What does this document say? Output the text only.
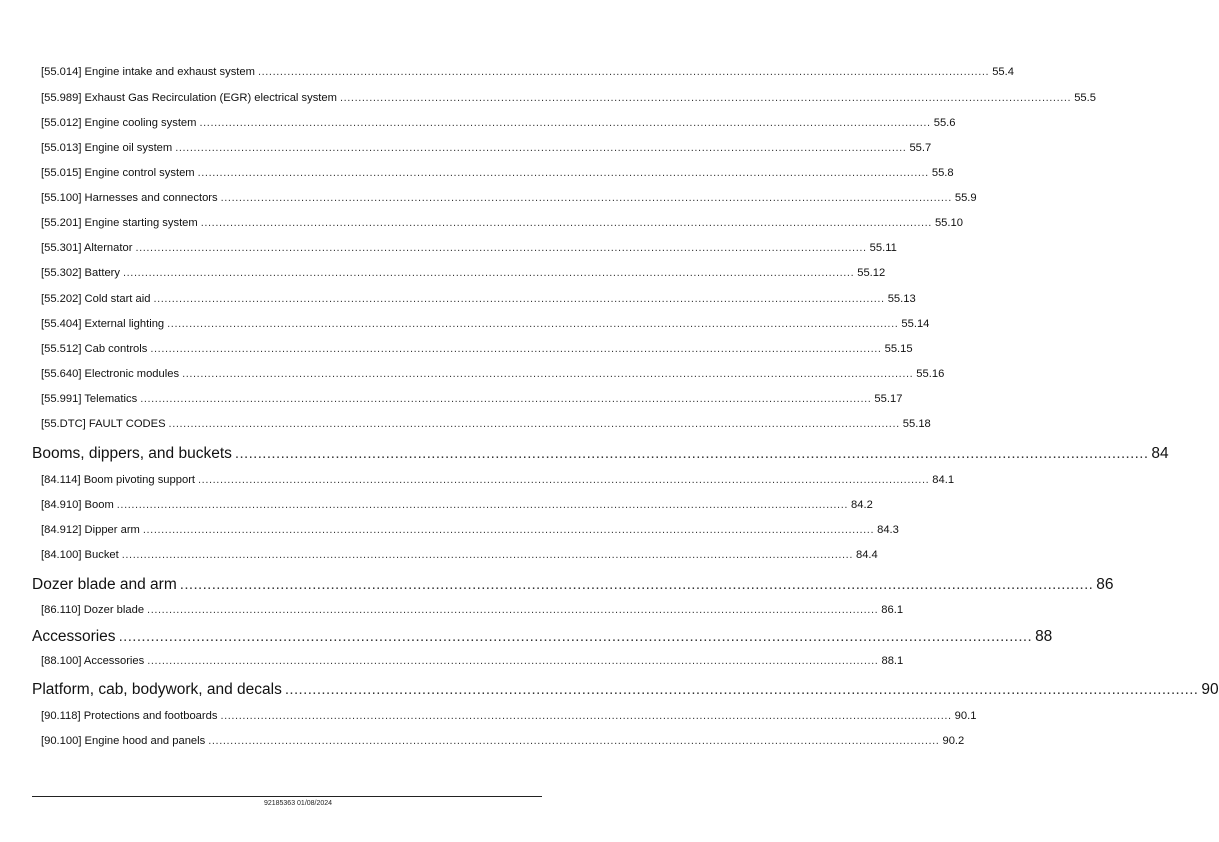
[55.014] Engine intake and exhaust system ........................................................................................................................................................................................................ 55.4
[55.989] Exhaust Gas Recirculation (EGR) electrical system ........................................................................................................................................................................................................ 55.5
[55.012] Engine cooling system ........................................................................................................................................................................................................ 55.6
[55.013] Engine oil system ........................................................................................................................................................................................................ 55.7
[55.015] Engine control system ........................................................................................................................................................................................................ 55.8
[55.100] Harnesses and connectors ........................................................................................................................................................................................................ 55.9
[55.201] Engine starting system ........................................................................................................................................................................................................ 55.10
[55.301] Alternator ........................................................................................................................................................................................................ 55.11
[55.302] Battery ........................................................................................................................................................................................................ 55.12
[55.202] Cold start aid ........................................................................................................................................................................................................ 55.13
[55.404] External lighting ........................................................................................................................................................................................................ 55.14
[55.512] Cab controls ........................................................................................................................................................................................................ 55.15
[55.640] Electronic modules ........................................................................................................................................................................................................ 55.16
[55.991] Telematics ........................................................................................................................................................................................................ 55.17
[55.DTC] FAULT CODES ........................................................................................................................................................................................................ 55.18
Booms, dippers, and buckets ........................................................................................................................................................................................................ 84
[84.114] Boom pivoting support ........................................................................................................................................................................................................ 84.1
[84.910] Boom ........................................................................................................................................................................................................ 84.2
[84.912] Dipper arm ........................................................................................................................................................................................................ 84.3
[84.100] Bucket ........................................................................................................................................................................................................ 84.4
Dozer blade and arm ........................................................................................................................................................................................................ 86
[86.110] Dozer blade ........................................................................................................................................................................................................ 86.1
Accessories ........................................................................................................................................................................................................ 88
[88.100] Accessories ........................................................................................................................................................................................................ 88.1
Platform, cab, bodywork, and decals ........................................................................................................................................................................................................ 90
[90.118] Protections and footboards ........................................................................................................................................................................................................ 90.1
[90.100] Engine hood and panels ........................................................................................................................................................................................................ 90.2
92185363 01/08/2024
